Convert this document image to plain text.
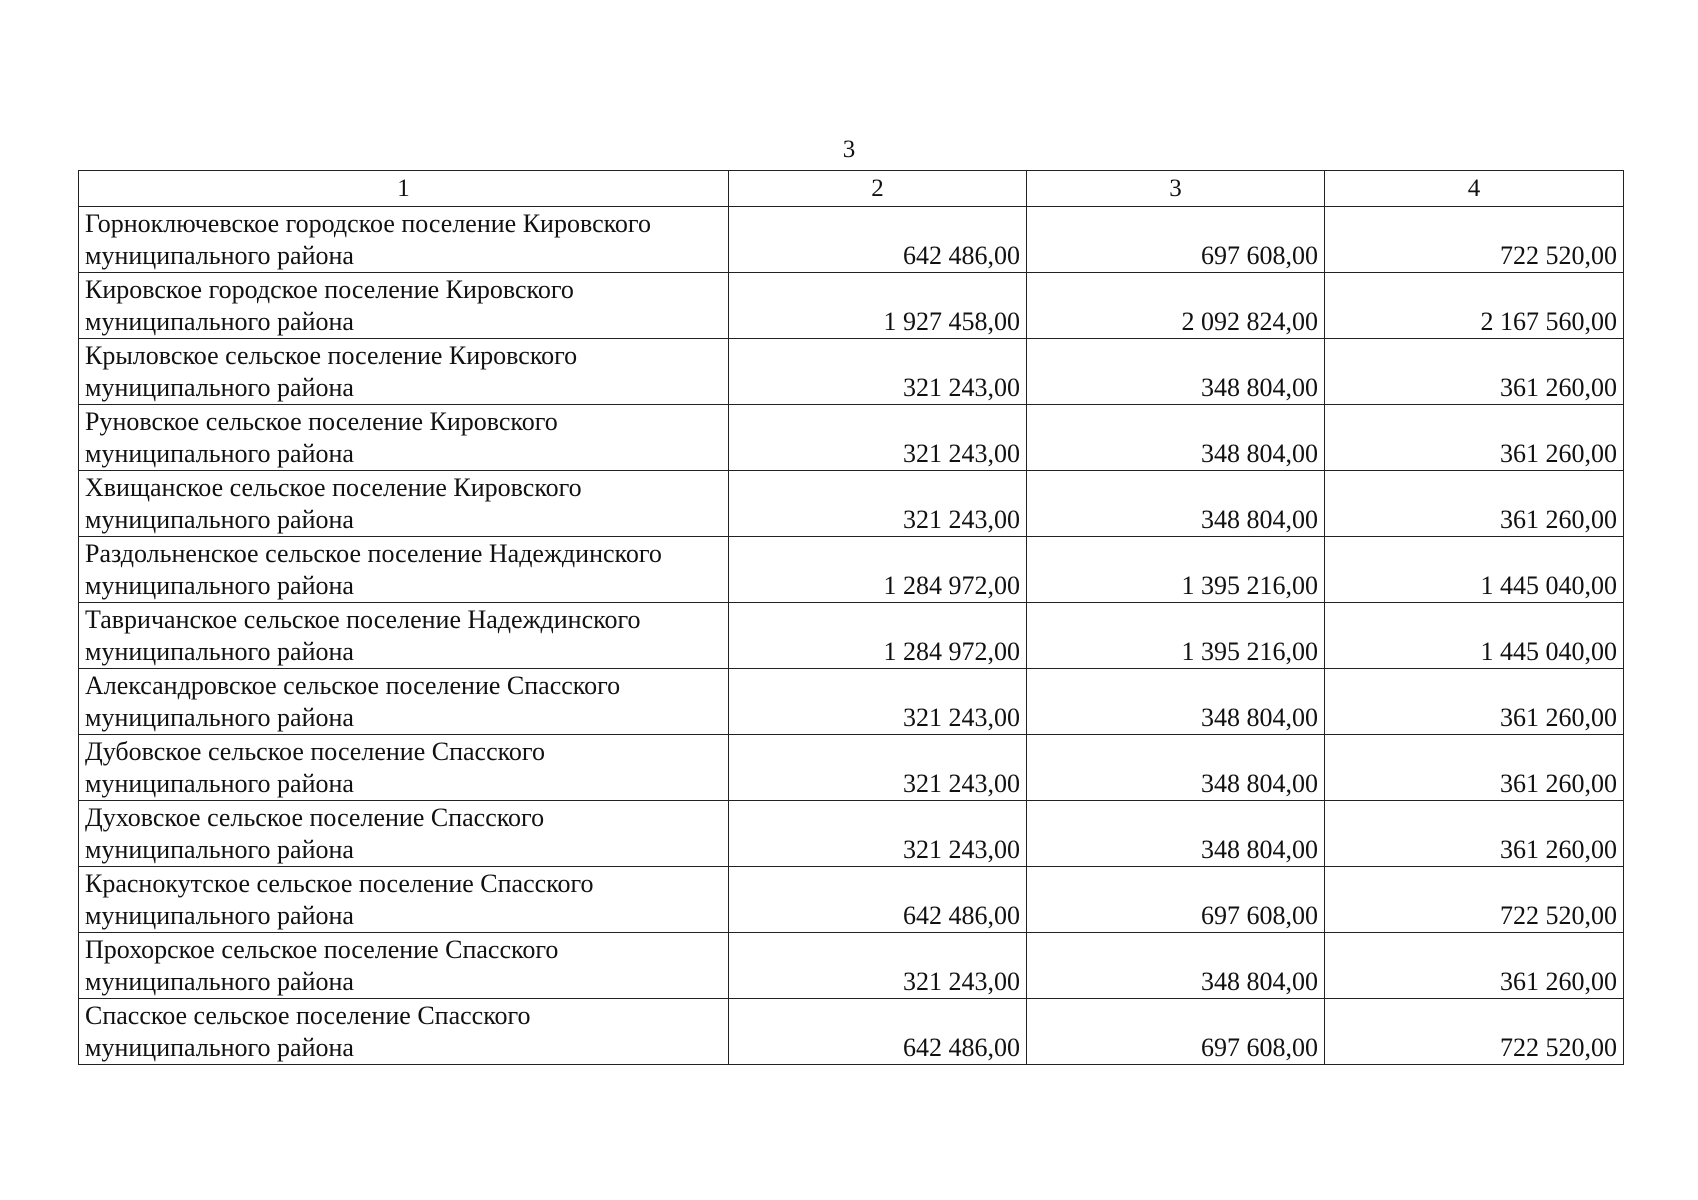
3
1	2	3	4

Горноключевское городское поселение Кировского
муниципального района	642 486,00	697 608,00	722 520,00

Кировское городское поселение Кировского
муниципального района	1 927 458,00	2 092 824,00	2 167 560,00

Крыловское сельское поселение Кировского
муниципального района	321 243,00	348 804,00	361 260,00

Руновское сельское поселение Кировского
муниципального района	321 243,00	348 804,00	361 260,00

Хвищанское сельское поселение Кировского
муниципального района	321 243,00	348 804,00	361 260,00

Раздольненское сельское поселение Надеждинского
муниципального района	1 284 972,00	1 395 216,00	1 445 040,00

Тавричанское сельское поселение Надеждинского
муниципального района	1 284 972,00	1 395 216,00	1 445 040,00

Александровское сельское поселение Спасского
муниципального района	321 243,00	348 804,00	361 260,00

Дубовское сельское поселение Спасского
муниципального района	321 243,00	348 804,00	361 260,00

Духовское сельское поселение Спасского
муниципального района	321 243,00	348 804,00	361 260,00

Краснокутское сельское поселение Спасского
муниципального района	642 486,00	697 608,00	722 520,00

Прохорское сельское поселение Спасского
муниципального района	321 243,00	348 804,00	361 260,00

Спасское сельское поселение Спасского
муниципального района	642 486,00	697 608,00	722 520,00
